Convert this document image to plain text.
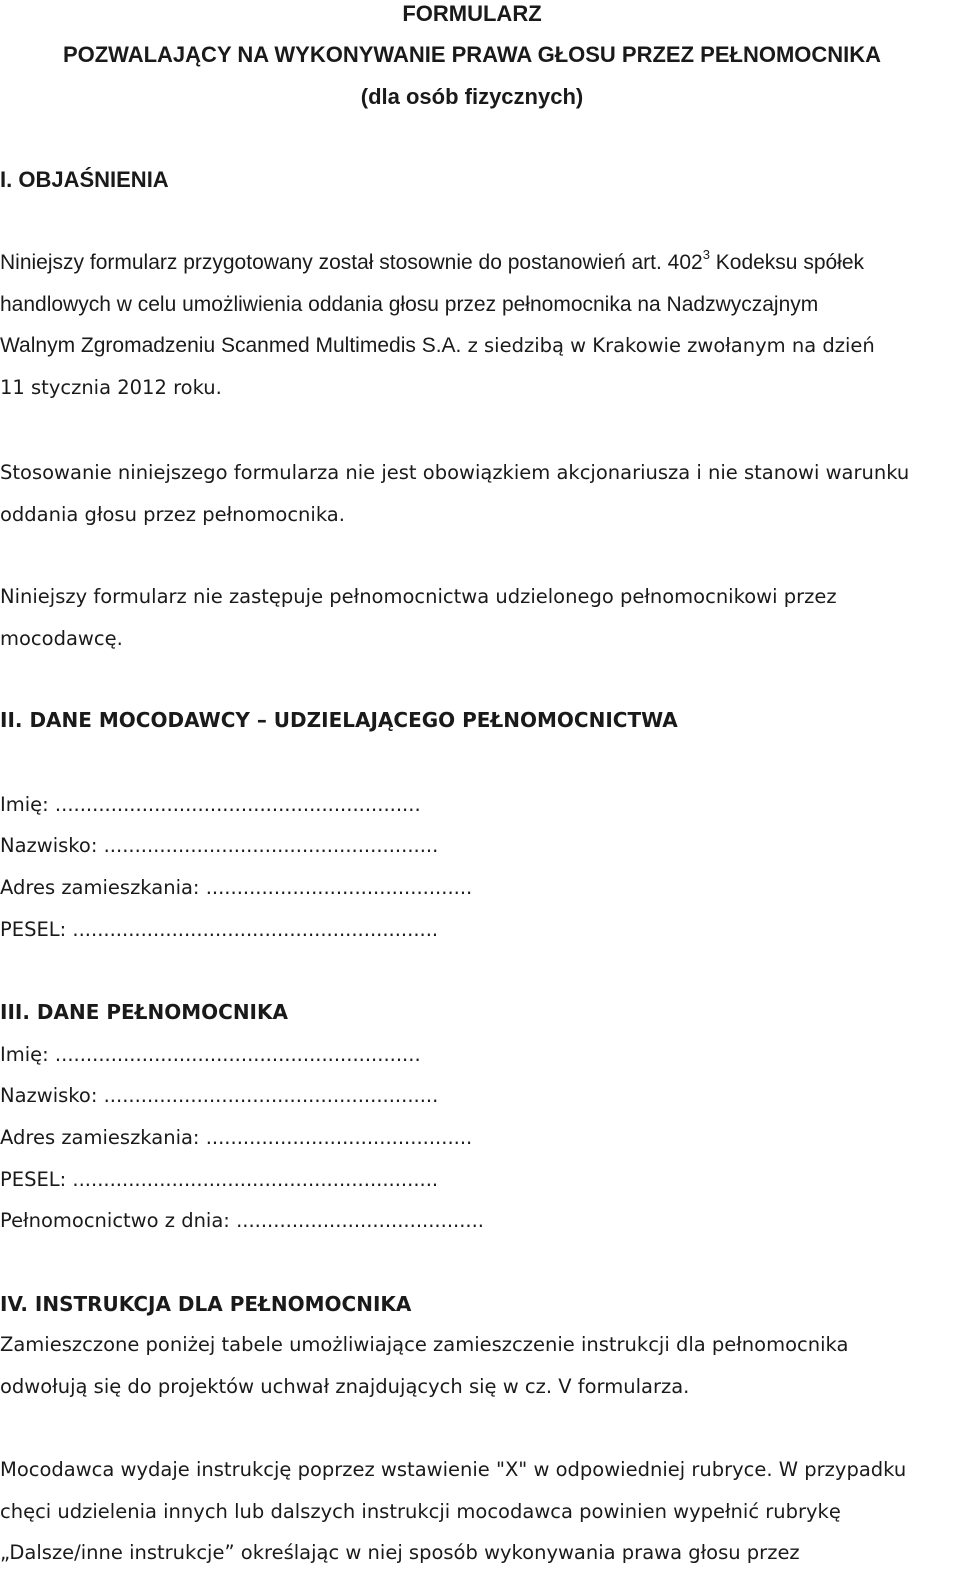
FORMULARZ
POZWALAJĄCY NA WYKONYWANIE PRAWA GŁOSU PRZEZ PEŁNOMOCNIKA
(dla osób fizycznych)
I. OBJAŚNIENIA
Niniejszy formularz przygotowany został stosownie do postanowień art. $402^3$ Kodeksu spółek
handlowych w celu umożliwienia oddania głosu przez pełnomocnika na Nadzwyczajnym
Walnym Zgromadzeniu Scanmed Multimedis S.A. z siedzibą w Krakowie zwołanym na dzień
11 stycznia 2012 roku.
Stosowanie niniejszego formularza nie jest obowiązkiem akcjonariusza i nie stanowi warunku
oddania głosu przez pełnomocnika.
Niniejszy formularz nie zastępuje pełnomocnictwa udzielonego pełnomocnikowi przez
mocodawcę.
II. DANE MOCODAWCY – UDZIELAJĄCEGO PEŁNOMOCNICTWA
Imię: ...........................................................
Nazwisko: ......................................................
Adres zamieszkania: ...........................................
PESEL: ...........................................................
III. DANE PEŁNOMOCNIKA
Imię: ...........................................................
Nazwisko: ......................................................
Adres zamieszkania: ...........................................
PESEL: ...........................................................
Pełnomocnictwo z dnia: ........................................
IV. INSTRUKCJA DLA PEŁNOMOCNIKA
Zamieszczone poniżej tabele umożliwiające zamieszczenie instrukcji dla pełnomocnika
odwołują się do projektów uchwał znajdujących się w cz. V formularza.
Mocodawca wydaje instrukcję poprzez wstawienie "X" w odpowiedniej rubryce. W przypadku
chęci udzielenia innych lub dalszych instrukcji mocodawca powinien wypełnić rubrykę
„Dalsze/inne instrukcje” określając w niej sposób wykonywania prawa głosu przez
